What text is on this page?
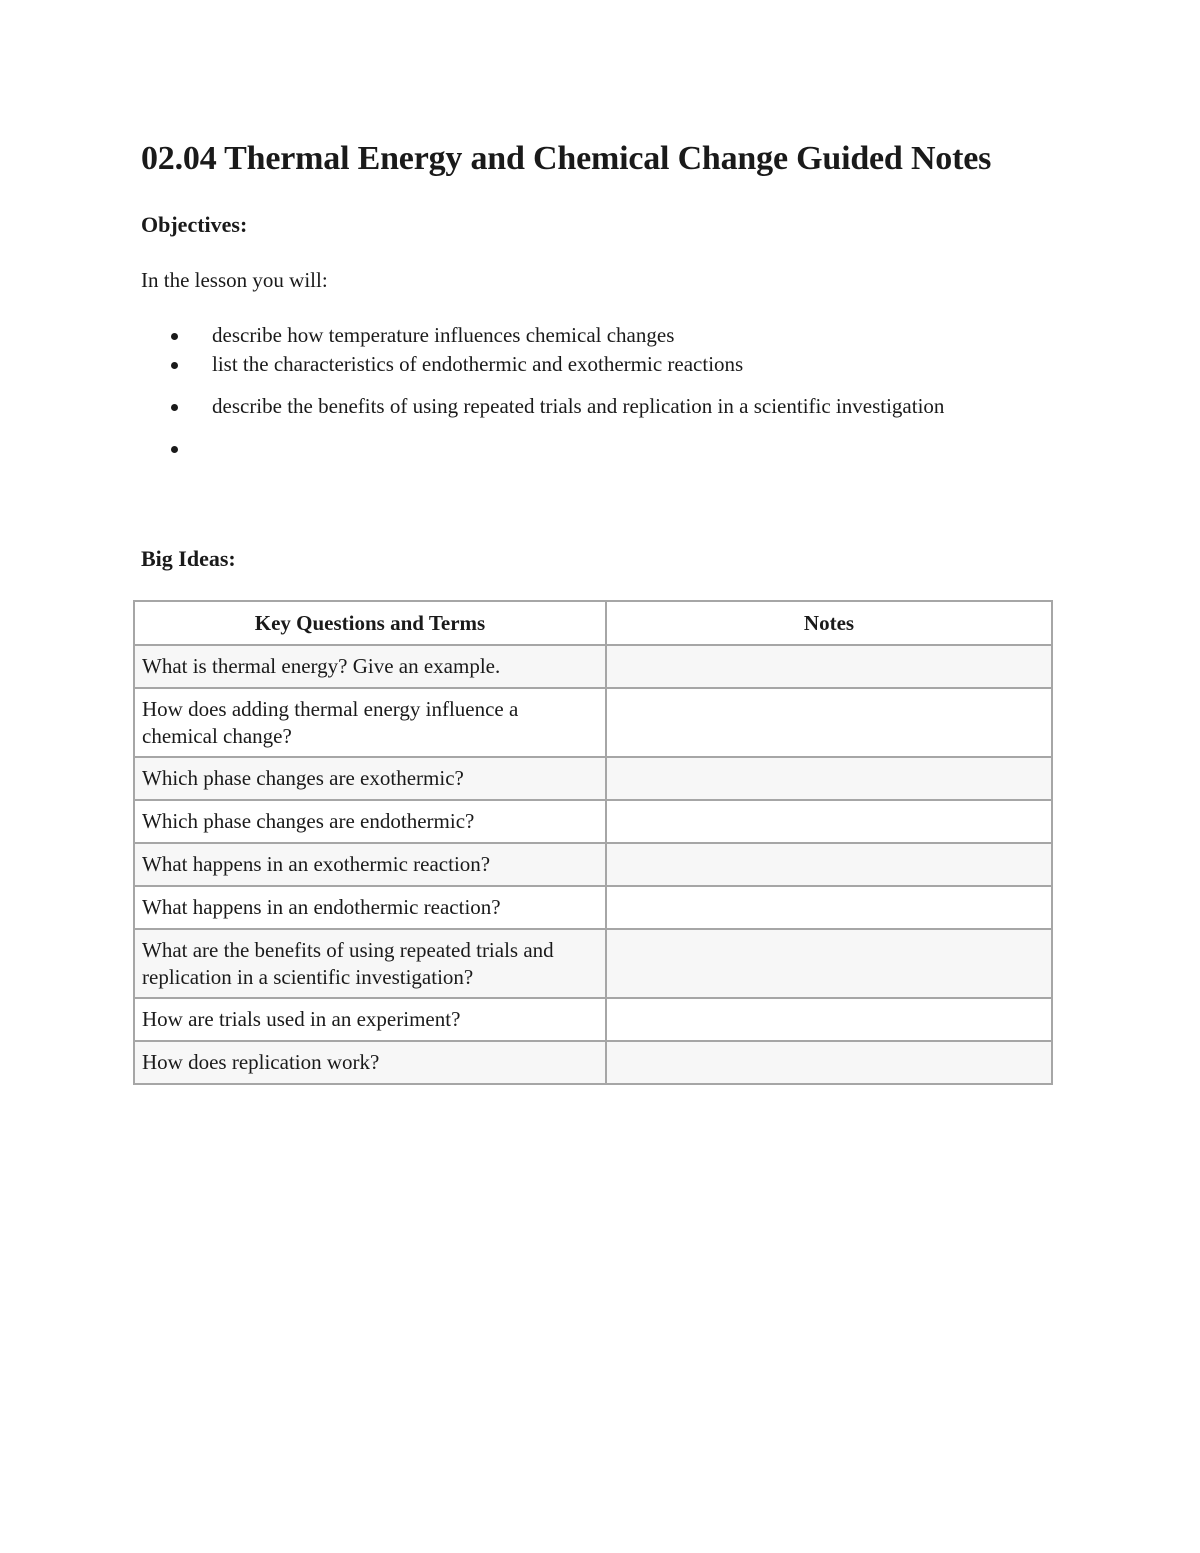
02.04 Thermal Energy and Chemical Change Guided Notes
Objectives:

In the lesson you will:

describe how temperature influences chemical changes
list the characteristics of endothermic and exothermic reactions
describe the benefits of using repeated trials and replication in a scientific investigation
Big Ideas:
Key Questions and Terms	Notes
What is thermal energy? Give an example.	
How does adding thermal energy influence a chemical change?	
Which phase changes are exothermic?	
Which phase changes are endothermic?	
What happens in an exothermic reaction?	
What happens in an endothermic reaction?	
What are the benefits of using repeated trials and replication in a scientific investigation?	
How are trials used in an experiment?	
How does replication work?	
